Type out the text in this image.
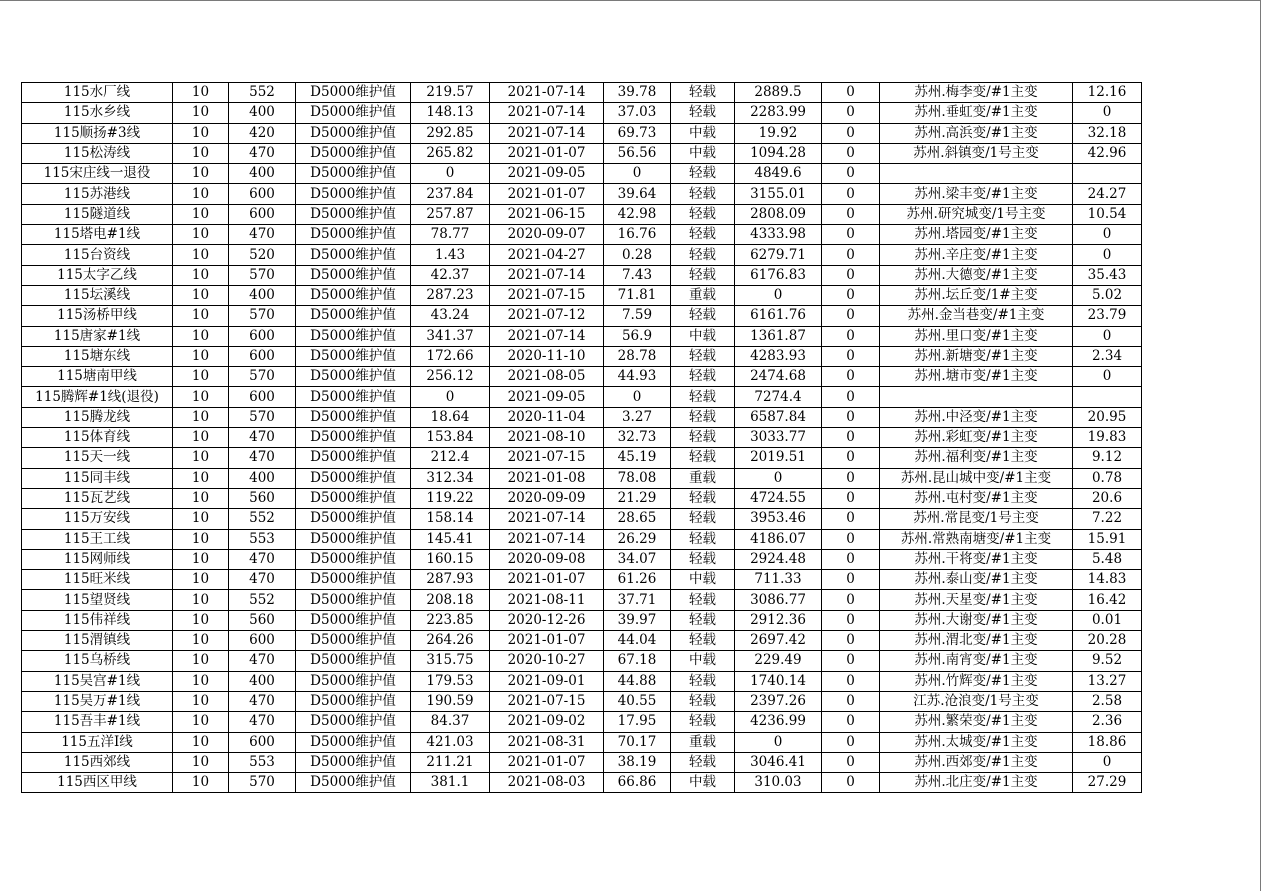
115水厂线	10	552	D5000维护值	219.57	2021-07-14	39.78	轻载	2889.5	0	苏州.梅李变/#1主变	12.16
115水乡线	10	400	D5000维护值	148.13	2021-07-14	37.03	轻载	2283.99	0	苏州.垂虹变/#1主变	0
115顺扬#3线	10	420	D5000维护值	292.85	2021-07-14	69.73	中载	19.92	0	苏州.高浜变/#1主变	32.18
115松涛线	10	470	D5000维护值	265.82	2021-01-07	56.56	中载	1094.28	0	苏州.斜镇变/1号主变	42.96
115宋庄线一退役	10	400	D5000维护值	0	2021-09-05	0	轻载	4849.6	0		
115苏港线	10	600	D5000维护值	237.84	2021-01-07	39.64	轻载	3155.01	0	苏州.梁丰变/#1主变	24.27
115隧道线	10	600	D5000维护值	257.87	2021-06-15	42.98	轻载	2808.09	0	苏州.研究城变/1号主变	10.54
115塔电#1线	10	470	D5000维护值	78.77	2020-09-07	16.76	轻载	4333.98	0	苏州.塔园变/#1主变	0
115台资线	10	520	D5000维护值	1.43	2021-04-27	0.28	轻载	6279.71	0	苏州.辛庄变/#1主变	0
115太字乙线	10	570	D5000维护值	42.37	2021-07-14	7.43	轻载	6176.83	0	苏州.大德变/#1主变	35.43
115坛溪线	10	400	D5000维护值	287.23	2021-07-15	71.81	重载	0	0	苏州.坛丘变/1#主变	5.02
115汤桥甲线	10	570	D5000维护值	43.24	2021-07-12	7.59	轻载	6161.76	0	苏州.金当巷变/#1主变	23.79
115唐家#1线	10	600	D5000维护值	341.37	2021-07-14	56.9	中载	1361.87	0	苏州.里口变/#1主变	0
115塘东线	10	600	D5000维护值	172.66	2020-11-10	28.78	轻载	4283.93	0	苏州.新塘变/#1主变	2.34
115塘南甲线	10	570	D5000维护值	256.12	2021-08-05	44.93	轻载	2474.68	0	苏州.塘市变/#1主变	0
115腾辉#1线(退役)	10	600	D5000维护值	0	2021-09-05	0	轻载	7274.4	0		
115腾龙线	10	570	D5000维护值	18.64	2020-11-04	3.27	轻载	6587.84	0	苏州.中泾变/#1主变	20.95
115体育线	10	470	D5000维护值	153.84	2021-08-10	32.73	轻载	3033.77	0	苏州.彩虹变/#1主变	19.83
115天一线	10	470	D5000维护值	212.4	2021-07-15	45.19	轻载	2019.51	0	苏州.福利变/#1主变	9.12
115同丰线	10	400	D5000维护值	312.34	2021-01-08	78.08	重载	0	0	苏州.昆山城中变/#1主变	0.78
115瓦艺线	10	560	D5000维护值	119.22	2020-09-09	21.29	轻载	4724.55	0	苏州.屯村变/#1主变	20.6
115万安线	10	552	D5000维护值	158.14	2021-07-14	28.65	轻载	3953.46	0	苏州.常昆变/1号主变	7.22
115王工线	10	553	D5000维护值	145.41	2021-07-14	26.29	轻载	4186.07	0	苏州.常熟南塘变/#1主变	15.91
115网师线	10	470	D5000维护值	160.15	2020-09-08	34.07	轻载	2924.48	0	苏州.干将变/#1主变	5.48
115旺米线	10	470	D5000维护值	287.93	2021-01-07	61.26	中载	711.33	0	苏州.泰山变/#1主变	14.83
115望贤线	10	552	D5000维护值	208.18	2021-08-11	37.71	轻载	3086.77	0	苏州.天星变/#1主变	16.42
115伟祥线	10	560	D5000维护值	223.85	2020-12-26	39.97	轻载	2912.36	0	苏州.大谢变/#1主变	0.01
115渭镇线	10	600	D5000维护值	264.26	2021-01-07	44.04	轻载	2697.42	0	苏州.渭北变/#1主变	20.28
115乌桥线	10	470	D5000维护值	315.75	2020-10-27	67.18	中载	229.49	0	苏州.南宵变/#1主变	9.52
115吴宫#1线	10	400	D5000维护值	179.53	2021-09-01	44.88	轻载	1740.14	0	苏州.竹辉变/#1主变	13.27
115吴万#1线	10	470	D5000维护值	190.59	2021-07-15	40.55	轻载	2397.26	0	江苏.沧浪变/1号主变	2.58
115吾丰#1线	10	470	D5000维护值	84.37	2021-09-02	17.95	轻载	4236.99	0	苏州.繁荣变/#1主变	2.36
115五洋I线	10	600	D5000维护值	421.03	2021-08-31	70.17	重载	0	0	苏州.太城变/#1主变	18.86
115西郊线	10	553	D5000维护值	211.21	2021-01-07	38.19	轻载	3046.41	0	苏州.西郊变/#1主变	0
115西区甲线	10	570	D5000维护值	381.1	2021-08-03	66.86	中载	310.03	0	苏州.北庄变/#1主变	27.29
